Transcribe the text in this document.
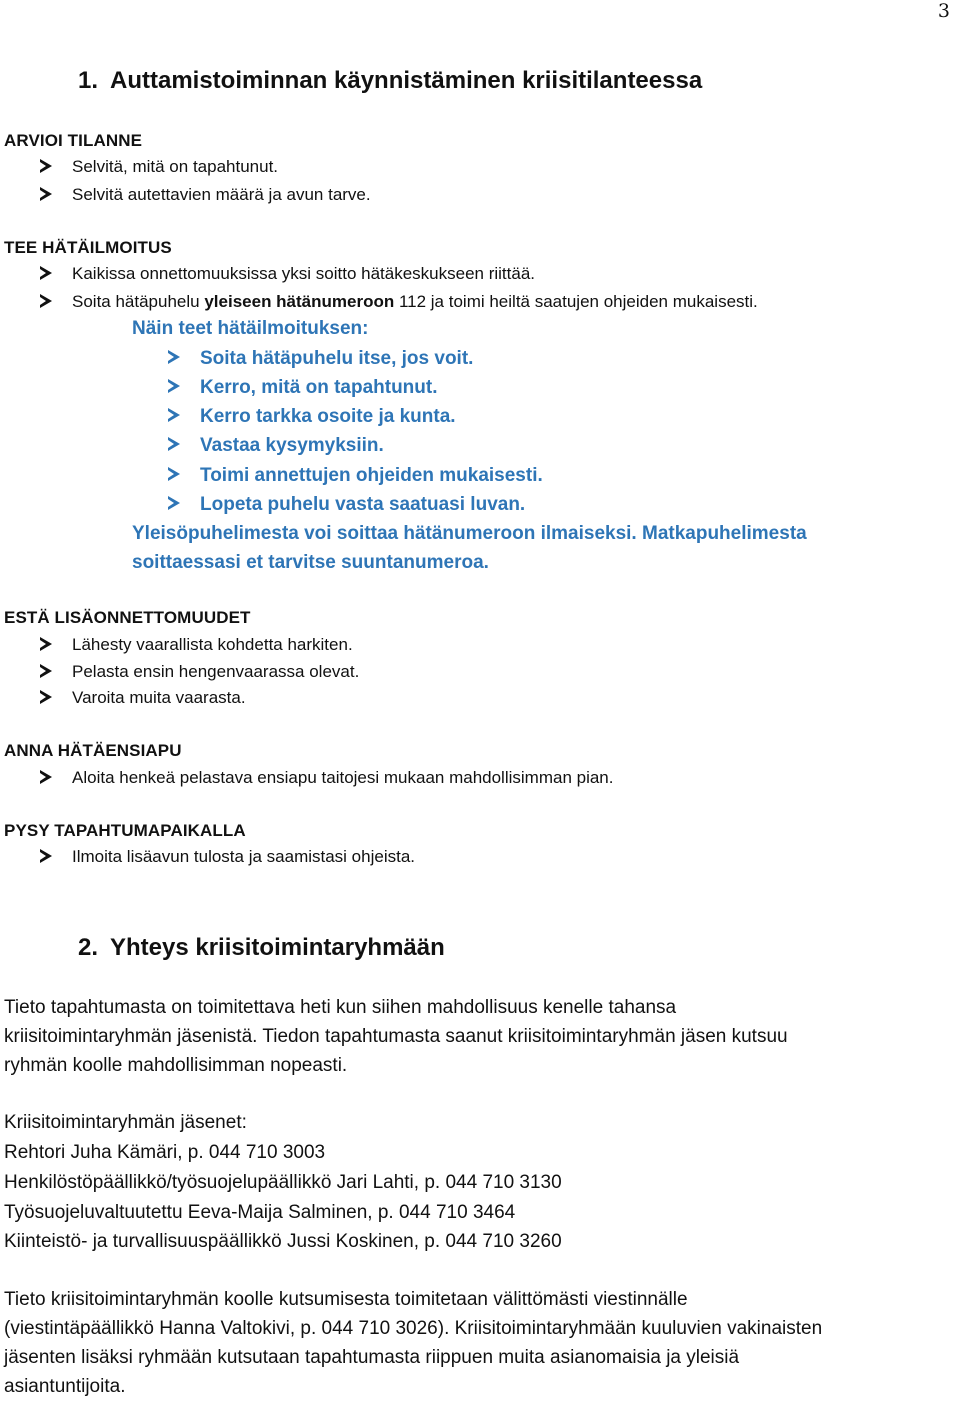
3
1. Auttamistoiminnan käynnistäminen kriisitilanteessa
ARVIOI TILANNE
Selvitä, mitä on tapahtunut.
Selvitä autettavien määrä ja avun tarve.
TEE HÄTÄILMOITUS
Kaikissa onnettomuuksissa yksi soitto hätäkeskukseen riittää.
Soita hätäpuhelu yleiseen hätänumeroon 112 ja toimi heiltä saatujen ohjeiden mukaisesti.
Näin teet hätäilmoituksen:
Soita hätäpuhelu itse, jos voit.
Kerro, mitä on tapahtunut.
Kerro tarkka osoite ja kunta.
Vastaa kysymyksiin.
Toimi annettujen ohjeiden mukaisesti.
Lopeta puhelu vasta saatuasi luvan.
Yleisöpuhelimesta voi soittaa hätänumeroon ilmaiseksi. Matkapuhelimesta
soittaessasi et tarvitse suuntanumeroa.
ESTÄ LISÄONNETTOMUUDET
Lähesty vaarallista kohdetta harkiten.
Pelasta ensin hengenvaarassa olevat.
Varoita muita vaarasta.
ANNA HÄTÄENSIAPU
Aloita henkeä pelastava ensiapu taitojesi mukaan mahdollisimman pian.
PYSY TAPAHTUMAPAIKALLA
Ilmoita lisäavun tulosta ja saamistasi ohjeista.
2. Yhteys kriisitoimintaryhmään
Tieto tapahtumasta on toimitettava heti kun siihen mahdollisuus kenelle tahansa
kriisitoimintaryhmän jäsenistä. Tiedon tapahtumasta saanut kriisitoimintaryhmän jäsen kutsuu
ryhmän koolle mahdollisimman nopeasti.
Kriisitoimintaryhmän jäsenet:
Rehtori Juha Kämäri, p. 044 710 3003
Henkilöstöpäällikkö/työsuojelupäällikkö Jari Lahti, p. 044 710 3130
Työsuojeluvaltuutettu Eeva-Maija Salminen, p. 044 710 3464
Kiinteistö- ja turvallisuuspäällikkö Jussi Koskinen, p. 044 710 3260
Tieto kriisitoimintaryhmän koolle kutsumisesta toimitetaan välittömästi viestinnälle
(viestintäpäällikkö Hanna Valtokivi, p. 044 710 3026). Kriisitoimintaryhmään kuuluvien vakinaisten
jäsenten lisäksi ryhmään kutsutaan tapahtumasta riippuen muita asianomaisia ja yleisiä
asiantuntijoita.
